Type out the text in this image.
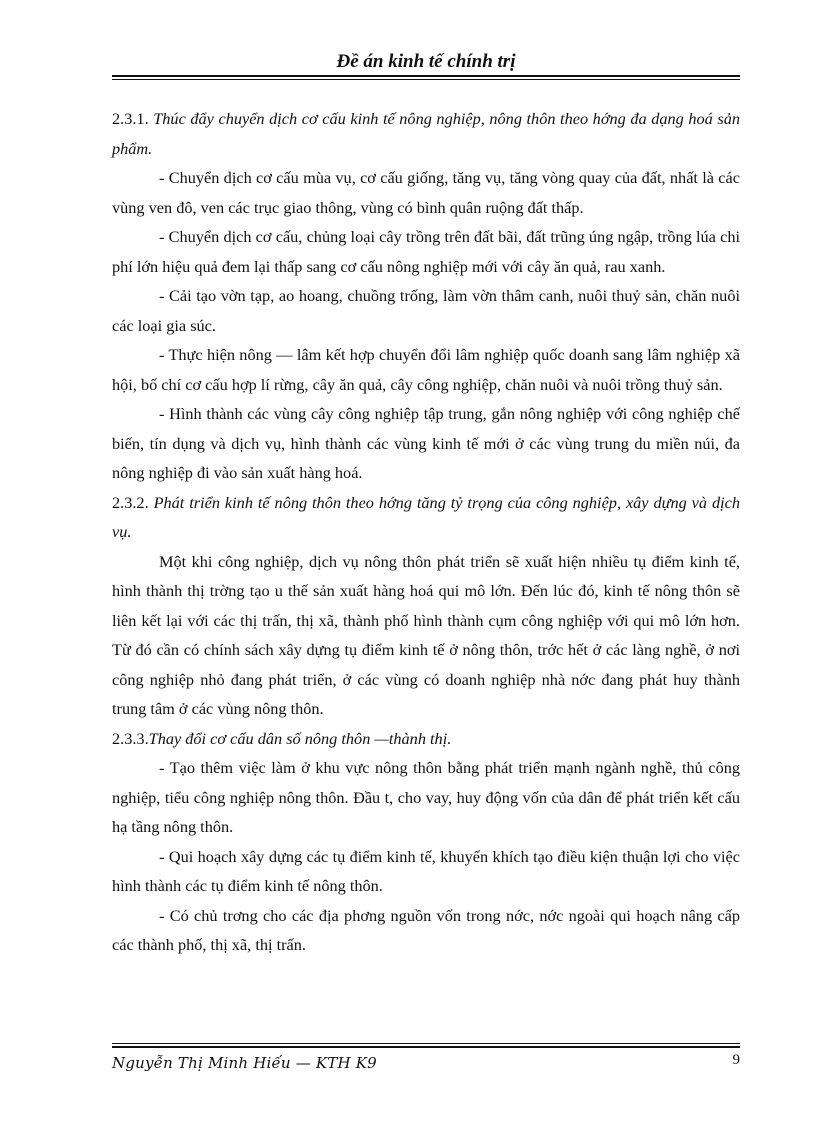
Đề án kinh tế chính trị

2.3.1. Thúc đẩy chuyển dịch cơ cấu kinh tế nông nghiệp, nông thôn theo hớng đa dạng hoá sản phẩm.

- Chuyển dịch cơ cấu mùa vụ, cơ cấu giống, tăng vụ, tăng vòng quay của đất, nhất là các vùng ven đô, ven các trục giao thông, vùng có bình quân ruộng đất thấp.

- Chuyển dịch cơ cấu, chủng loại cây trồng trên đất bãi, đất trũng úng ngập, trồng lúa chi phí lớn hiệu quả đem lại thấp sang cơ cấu nông nghiệp mới với cây ăn quả, rau xanh.

- Cải tạo vờn tạp, ao hoang, chuồng trống, làm vờn thâm canh, nuôi thuỷ sản, chăn nuôi các loại gia súc.

- Thực hiện nông — lâm kết hợp chuyển đổi lâm nghiệp quốc doanh sang lâm nghiệp xã hội, bố chí cơ cấu hợp lí rừng, cây ăn quả, cây công nghiệp, chăn nuôi và nuôi trồng thuỷ sản.

- Hình thành các vùng cây công nghiệp tập trung, gắn nông nghiệp với công nghiệp chế biến, tín dụng và dịch vụ, hình thành các vùng kinh tế mới ở các vùng trung du miền núi, đa nông nghiệp đi vào sản xuất hàng hoá.

2.3.2. Phát triển kinh tế nông thôn theo hớng tăng tỷ trọng của công nghiệp, xây dựng và dịch vụ.

Một khi công nghiệp, dịch vụ nông thôn phát triển sẽ xuất hiện nhiều tụ điểm kinh tế, hình thành thị trờng tạo u thế sản xuất hàng hoá qui mô lớn. Đến lúc đó, kinh tế nông thôn sẽ liên kết lại với các thị trấn, thị xã, thành phố hình thành cụm công nghiệp với qui mô lớn hơn. Từ đó cần có chính sách xây dựng tụ điểm kinh tế ở nông thôn, trớc hết ở các làng nghề, ở nơi công nghiệp nhỏ đang phát triển, ở các vùng có doanh nghiệp nhà nớc đang phát huy thành trung tâm ở các vùng nông thôn.

2.3.3.Thay đổi cơ cấu dân số nông thôn —thành thị.

- Tạo thêm việc làm ở khu vực nông thôn bằng phát triển mạnh ngành nghề, thủ công nghiệp, tiểu công nghiệp nông thôn. Đầu t, cho vay, huy động vốn của dân để phát triển kết cấu hạ tầng nông thôn.

- Qui hoạch xây dựng các tụ điểm kinh tế, khuyến khích tạo điều kiện thuận lợi cho việc hình thành các tụ điểm kinh tế nông thôn.

- Có chủ trơng cho các địa phơng nguồn vốn trong nớc, nớc ngoài qui hoạch nâng cấp các thành phố, thị xã, thị trấn.

Nguyễn Thị Minh Hiếu — KTH K9	9
